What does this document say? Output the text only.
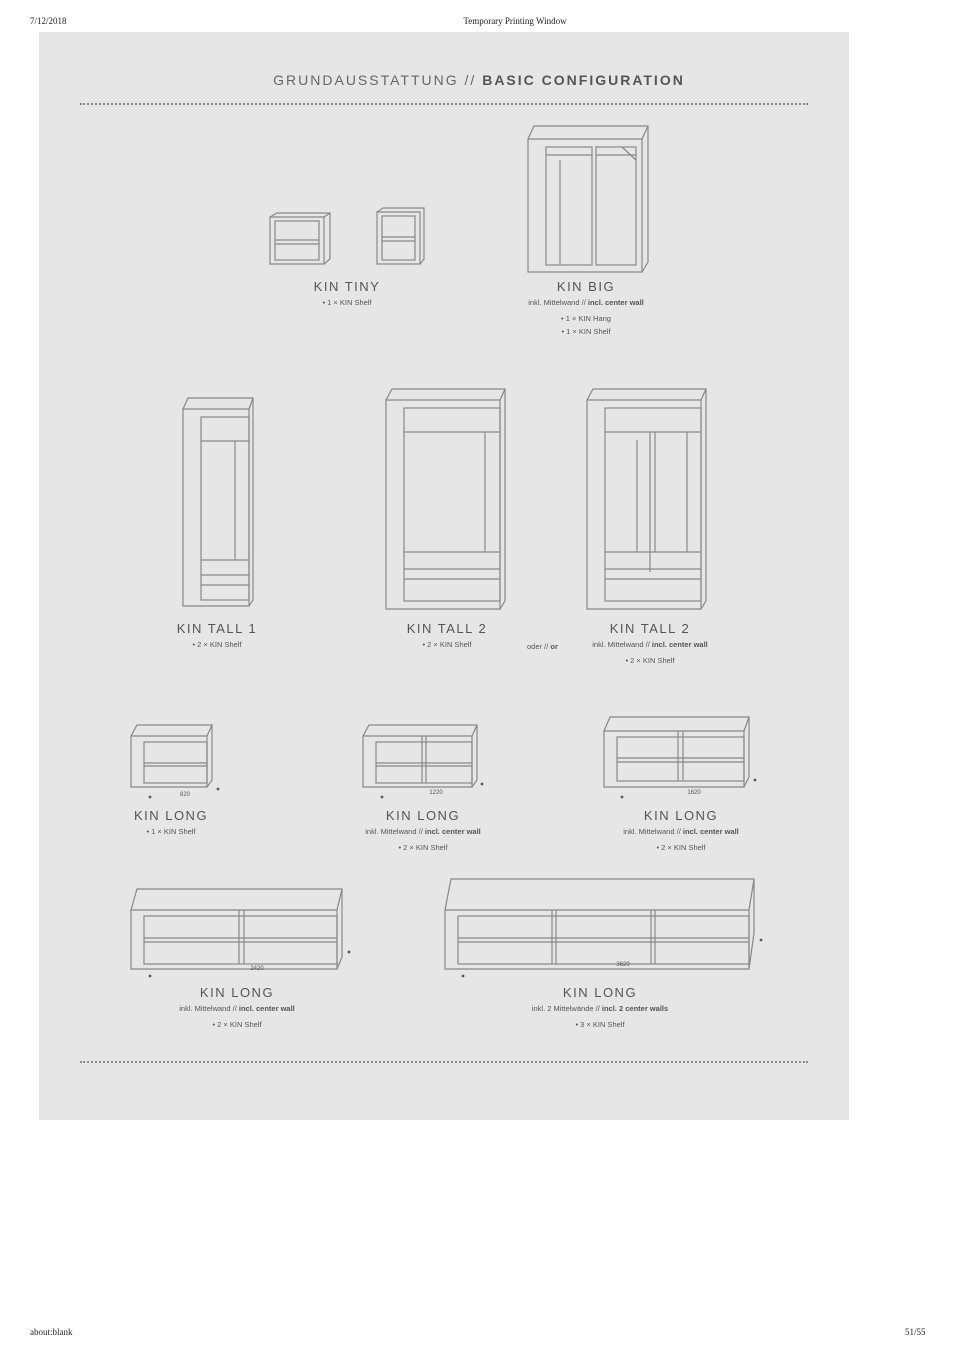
7/12/2018	Temporary Printing Window
about:blank	51/55
GRUNDAUSSTATTUNG // BASIC CONFIGURATION
820	1220	1620
2420
3620
KIN TINY
• 1 × KIN Shelf
KIN BIG
inkl. Mittelwand // incl. center wall
• 1 × KIN Hang
• 1 × KIN Shelf
KIN TALL 1
• 2 × KIN Shelf
KIN TALL 2
• 2 × KIN Shelf	oder // or
KIN TALL 2
inkl. Mittelwand // incl. center wall
• 2 × KIN Shelf
KIN LONG
• 1 × KIN Shelf
KIN LONG
inkl. Mittelwand // incl. center wall
• 2 × KIN Shelf
KIN LONG
inkl. Mittelwand // incl. center wall
• 2 × KIN Shelf
KIN LONG
inkl. Mittelwand // incl. center wall
• 2 × KIN Shelf
KIN LONG
inkl. 2 Mittelwände // incl. 2 center walls
• 3 × KIN Shelf
